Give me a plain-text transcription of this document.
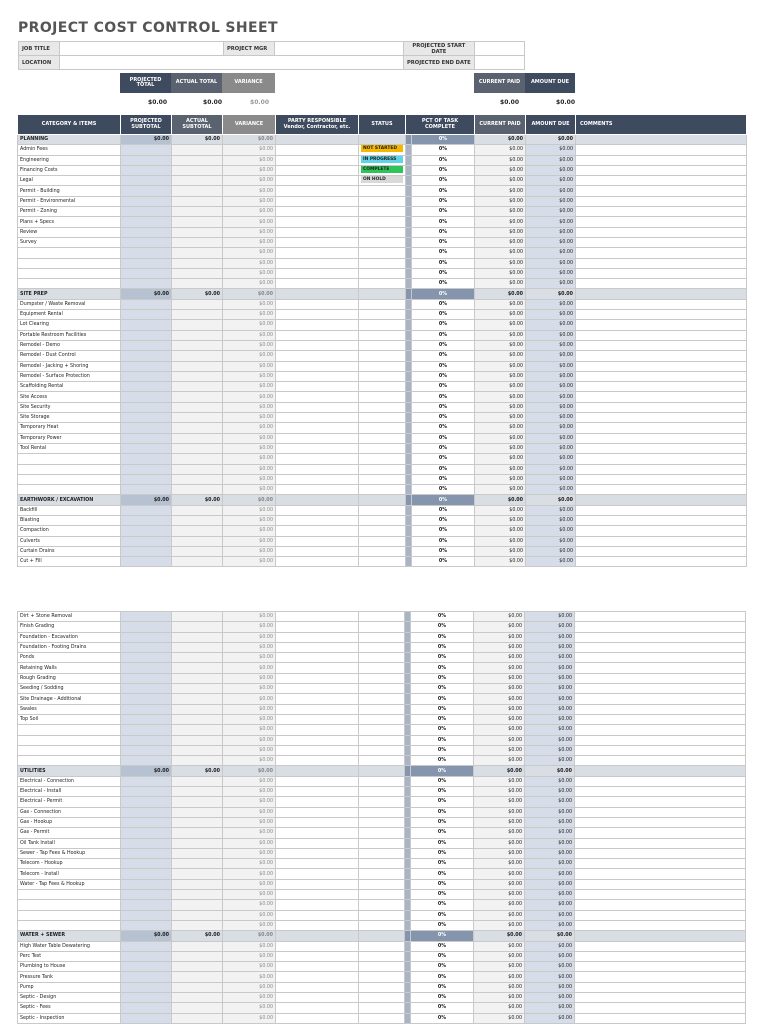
PROJECT COST CONTROL SHEET
JOB TITLE		PROJECT MGR		PROJECTED START DATE	
LOCATION				PROJECTED END DATE	
PROJECTED TOTAL	ACTUAL TOTAL	VARIANCE	CURRENT PAID	AMOUNT DUE
$0.00	$0.00	$0.00	$0.00	$0.00
CATEGORY & ITEMS	PROJECTED SUBTOTAL	ACTUAL SUBTOTAL	VARIANCE	PARTY RESPONSIBLE Vendor, Contractor, etc.	STATUS	PCT OF TASK COMPLETE		CURRENT PAID	AMOUNT DUE	COMMENTS
PLANNING	$0.00	$0.00	$0.00				0%	$0.00	$0.00	
Admin Fees			$0.00		NOT STARTED		0%	$0.00	$0.00	
Engineering			$0.00		IN PROGRESS		0%	$0.00	$0.00	
Financing Costs			$0.00		COMPLETE		0%	$0.00	$0.00	
Legal			$0.00		ON HOLD		0%	$0.00	$0.00	
Permit - Building			$0.00				0%	$0.00	$0.00	
Permit - Environmental			$0.00				0%	$0.00	$0.00	
Permit - Zoning			$0.00				0%	$0.00	$0.00	
Plans + Specs			$0.00				0%	$0.00	$0.00	
Review			$0.00				0%	$0.00	$0.00	
Survey			$0.00				0%	$0.00	$0.00	
			$0.00				0%	$0.00	$0.00	
			$0.00				0%	$0.00	$0.00	
			$0.00				0%	$0.00	$0.00	
			$0.00				0%	$0.00	$0.00	
SITE PREP	$0.00	$0.00	$0.00				0%	$0.00	$0.00	
Dumpster / Waste Removal			$0.00				0%	$0.00	$0.00	
Equipment Rental			$0.00				0%	$0.00	$0.00	
Lot Clearing			$0.00				0%	$0.00	$0.00	
Portable Restroom Facilities			$0.00				0%	$0.00	$0.00	
Remodel - Demo			$0.00				0%	$0.00	$0.00	
Remodel - Dust Control			$0.00				0%	$0.00	$0.00	
Remodel - Jacking + Shoring			$0.00				0%	$0.00	$0.00	
Remodel - Surface Protection			$0.00				0%	$0.00	$0.00	
Scaffolding Rental			$0.00				0%	$0.00	$0.00	
Site Access			$0.00				0%	$0.00	$0.00	
Site Security			$0.00				0%	$0.00	$0.00	
Site Storage			$0.00				0%	$0.00	$0.00	
Temporary Heat			$0.00				0%	$0.00	$0.00	
Temporary Power			$0.00				0%	$0.00	$0.00	
Tool Rental			$0.00				0%	$0.00	$0.00	
			$0.00				0%	$0.00	$0.00	
			$0.00				0%	$0.00	$0.00	
			$0.00				0%	$0.00	$0.00	
			$0.00				0%	$0.00	$0.00	
EARTHWORK / EXCAVATION	$0.00	$0.00	$0.00				0%	$0.00	$0.00	
Backfill			$0.00				0%	$0.00	$0.00	
Blasting			$0.00				0%	$0.00	$0.00	
Compaction			$0.00				0%	$0.00	$0.00	
Culverts			$0.00				0%	$0.00	$0.00	
Curtain Drains			$0.00				0%	$0.00	$0.00	
Cut + Fill			$0.00				0%	$0.00	$0.00	
Dirt + Stone Removal			$0.00				0%	$0.00	$0.00	
Finish Grading			$0.00				0%	$0.00	$0.00	
Foundation - Excavation			$0.00				0%	$0.00	$0.00	
Foundation - Footing Drains			$0.00				0%	$0.00	$0.00	
Ponds			$0.00				0%	$0.00	$0.00	
Retaining Walls			$0.00				0%	$0.00	$0.00	
Rough Grading			$0.00				0%	$0.00	$0.00	
Seeding / Sodding			$0.00				0%	$0.00	$0.00	
Site Drainage - Additional			$0.00				0%	$0.00	$0.00	
Swales			$0.00				0%	$0.00	$0.00	
Top Soil			$0.00				0%	$0.00	$0.00	
			$0.00				0%	$0.00	$0.00	
			$0.00				0%	$0.00	$0.00	
			$0.00				0%	$0.00	$0.00	
			$0.00				0%	$0.00	$0.00	
UTILITIES	$0.00	$0.00	$0.00				0%	$0.00	$0.00	
Electrical - Connection			$0.00				0%	$0.00	$0.00	
Electrical - Install			$0.00				0%	$0.00	$0.00	
Electrical - Permit			$0.00				0%	$0.00	$0.00	
Gas - Connection			$0.00				0%	$0.00	$0.00	
Gas - Hookup			$0.00				0%	$0.00	$0.00	
Gas - Permit			$0.00				0%	$0.00	$0.00	
Oil Tank Install			$0.00				0%	$0.00	$0.00	
Sewer - Tap Fees & Hookup			$0.00				0%	$0.00	$0.00	
Telecom - Hookup			$0.00				0%	$0.00	$0.00	
Telecom - Install			$0.00				0%	$0.00	$0.00	
Water - Tap Fees & Hookup			$0.00				0%	$0.00	$0.00	
			$0.00				0%	$0.00	$0.00	
			$0.00				0%	$0.00	$0.00	
			$0.00				0%	$0.00	$0.00	
			$0.00				0%	$0.00	$0.00	
WATER + SEWER	$0.00	$0.00	$0.00				0%	$0.00	$0.00	
High Water Table Dewatering			$0.00				0%	$0.00	$0.00	
Perc Test			$0.00				0%	$0.00	$0.00	
Plumbing to House			$0.00				0%	$0.00	$0.00	
Pressure Tank			$0.00				0%	$0.00	$0.00	
Pump			$0.00				0%	$0.00	$0.00	
Septic - Design			$0.00				0%	$0.00	$0.00	
Septic - Fees			$0.00				0%	$0.00	$0.00	
Septic - Inspection			$0.00				0%	$0.00	$0.00	
